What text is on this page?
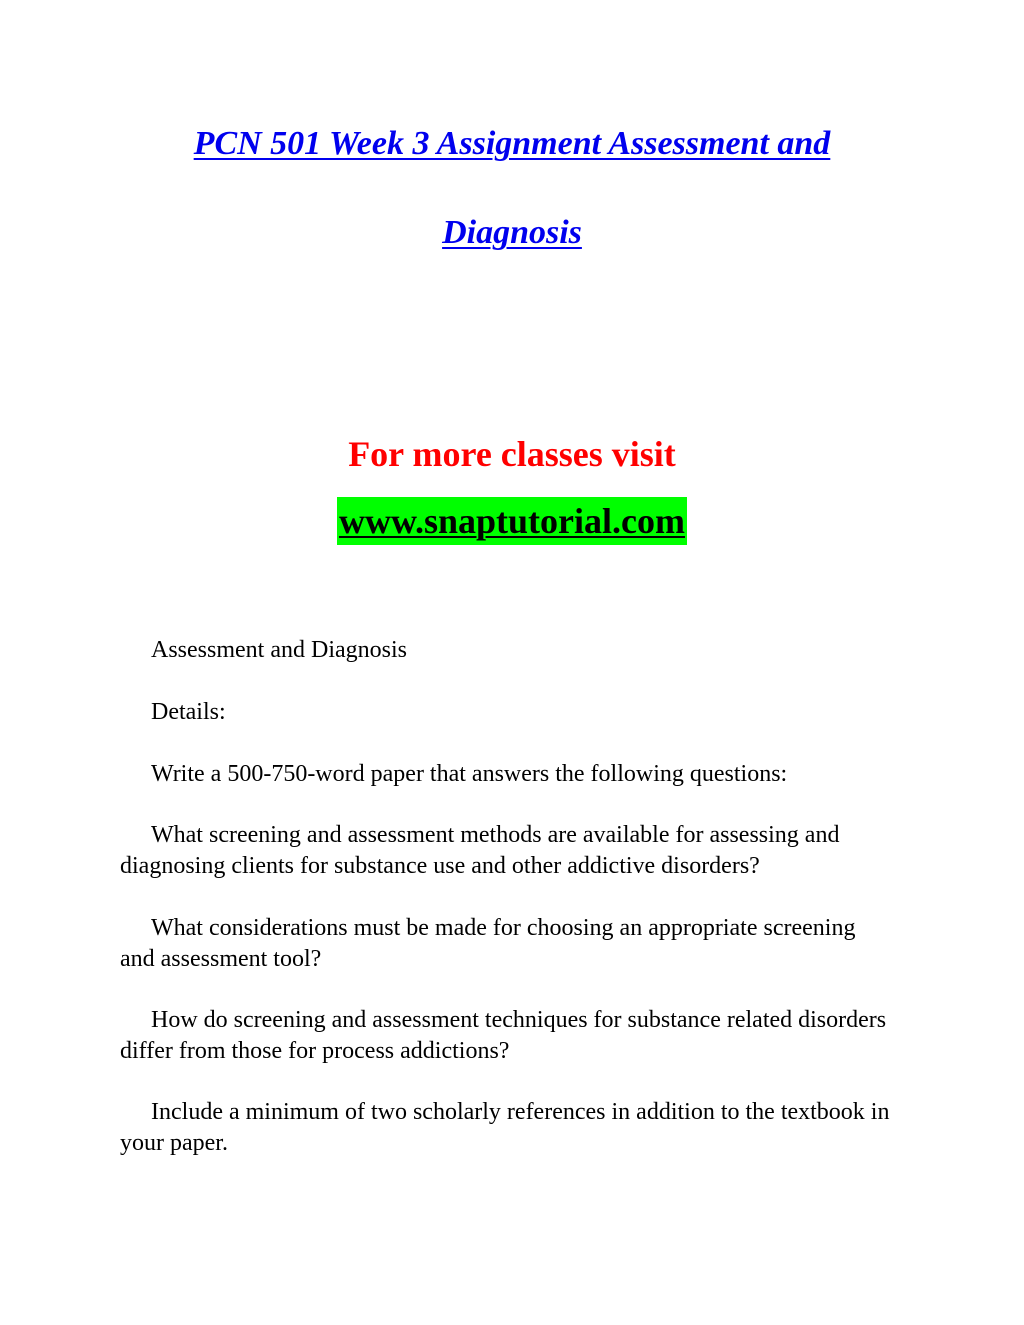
PCN 501 Week 3 Assignment Assessment and
Diagnosis
For more classes visit
www.snaptutorial.com

Assessment and Diagnosis

Details:

Write a 500-750-word paper that answers the following questions:

What screening and assessment methods are available for assessing and diagnosing clients for substance use and other addictive disorders?

What considerations must be made for choosing an appropriate screening and assessment tool?

How do screening and assessment techniques for substance related disorders differ from those for process addictions?

Include a minimum of two scholarly references in addition to the textbook in your paper.
